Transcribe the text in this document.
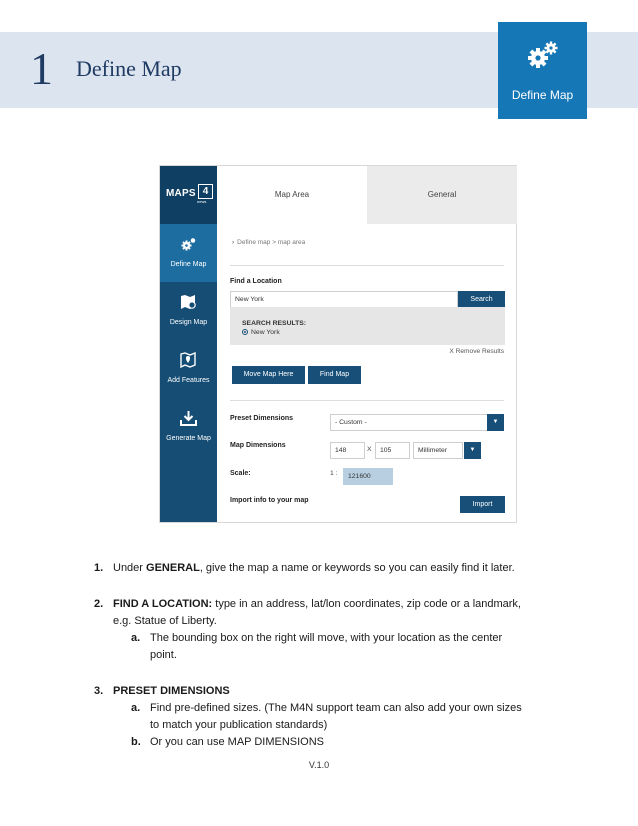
1 Define Map
Define Map
MAPS 4
news
Define Map
Design Map
Add Features
Generate Map
Map Area	General
› Define map > map area
Find a Location
New York	Search
SEARCH RESULTS:
New York
X Remove Results
Move Map Here	Find Map
Preset Dimensions
- Custom -	▼
Map Dimensions
148	X	105	Millimeter	▼
Scale:	1 :	121600
Import info to your map
Import
1. Under GENERAL, give the map a name or keywords so you can easily find it later.
2. FIND A LOCATION: type in an address, lat/lon coordinates, zip code or a landmark,
e.g. Statue of Liberty.
a. The bounding box on the right will move, with your location as the center
point.
3. PRESET DIMENSIONS
a. Find pre-defined sizes. (The M4N support team can also add your own sizes
to match your publication standards)
b. Or you can use MAP DIMENSIONS
V.1.0
